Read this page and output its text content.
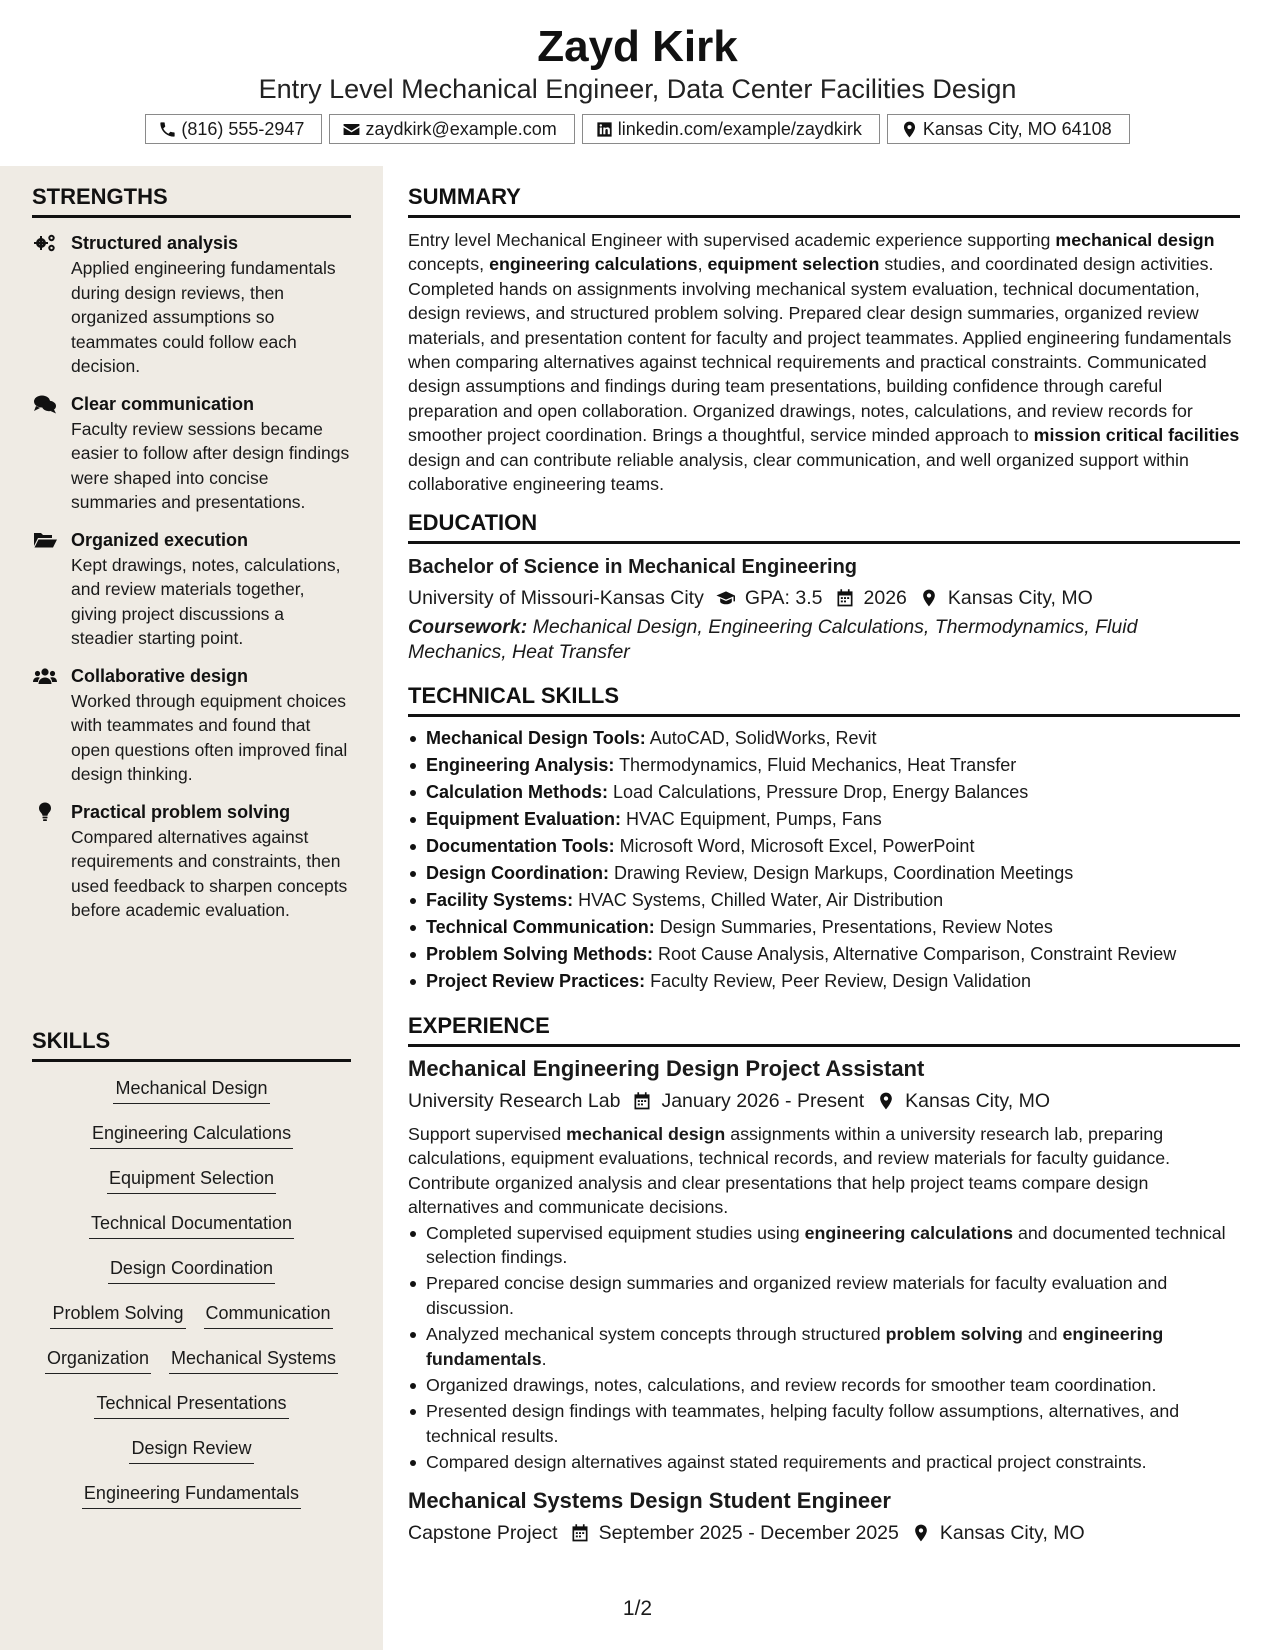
Zayd Kirk
Entry Level Mechanical Engineer, Data Center Facilities Design
(816) 555-2947	zaydkirk@example.com	linkedin.com/example/zaydkirk	Kansas City, MO 64108
STRENGTHS
Structured analysis
Applied engineering fundamentals during design reviews, then organized assumptions so teammates could follow each decision.
Clear communication
Faculty review sessions became easier to follow after design findings were shaped into concise summaries and presentations.
Organized execution
Kept drawings, notes, calculations, and review materials together, giving project discussions a steadier starting point.
Collaborative design
Worked through equipment choices with teammates and found that open questions often improved final design thinking.
Practical problem solving
Compared alternatives against requirements and constraints, then used feedback to sharpen concepts before academic evaluation.
SKILLS
Mechanical Design
Engineering Calculations
Equipment Selection
Technical Documentation
Design Coordination
Problem Solving Communication
Organization Mechanical Systems
Technical Presentations
Design Review
Engineering Fundamentals
SUMMARY
Entry level Mechanical Engineer with supervised academic experience supporting mechanical design concepts, engineering calculations, equipment selection studies, and coordinated design activities. Completed hands on assignments involving mechanical system evaluation, technical documentation, design reviews, and structured problem solving. Prepared clear design summaries, organized review materials, and presentation content for faculty and project teammates. Applied engineering fundamentals when comparing alternatives against technical requirements and practical constraints. Communicated design assumptions and findings during team presentations, building confidence through careful preparation and open collaboration. Organized drawings, notes, calculations, and review records for smoother project coordination. Brings a thoughtful, service minded approach to mission critical facilities design and can contribute reliable analysis, clear communication, and well organized support within collaborative engineering teams.
EDUCATION
Bachelor of Science in Mechanical Engineering
University of Missouri-Kansas City GPA: 3.5 2026 Kansas City, MO
Coursework: Mechanical Design, Engineering Calculations, Thermodynamics, Fluid Mechanics, Heat Transfer
TECHNICAL SKILLS
Mechanical Design Tools: AutoCAD, SolidWorks, Revit
Engineering Analysis: Thermodynamics, Fluid Mechanics, Heat Transfer
Calculation Methods: Load Calculations, Pressure Drop, Energy Balances
Equipment Evaluation: HVAC Equipment, Pumps, Fans
Documentation Tools: Microsoft Word, Microsoft Excel, PowerPoint
Design Coordination: Drawing Review, Design Markups, Coordination Meetings
Facility Systems: HVAC Systems, Chilled Water, Air Distribution
Technical Communication: Design Summaries, Presentations, Review Notes
Problem Solving Methods: Root Cause Analysis, Alternative Comparison, Constraint Review
Project Review Practices: Faculty Review, Peer Review, Design Validation
EXPERIENCE
Mechanical Engineering Design Project Assistant
University Research Lab January 2026 - Present Kansas City, MO
Support supervised mechanical design assignments within a university research lab, preparing calculations, equipment evaluations, technical records, and review materials for faculty guidance. Contribute organized analysis and clear presentations that help project teams compare design alternatives and communicate decisions.
Completed supervised equipment studies using engineering calculations and documented technical selection findings.
Prepared concise design summaries and organized review materials for faculty evaluation and discussion.
Analyzed mechanical system concepts through structured problem solving and engineering fundamentals.
Organized drawings, notes, calculations, and review records for smoother team coordination.
Presented design findings with teammates, helping faculty follow assumptions, alternatives, and technical results.
Compared design alternatives against stated requirements and practical project constraints.
Mechanical Systems Design Student Engineer
Capstone Project September 2025 - December 2025 Kansas City, MO
1/2
